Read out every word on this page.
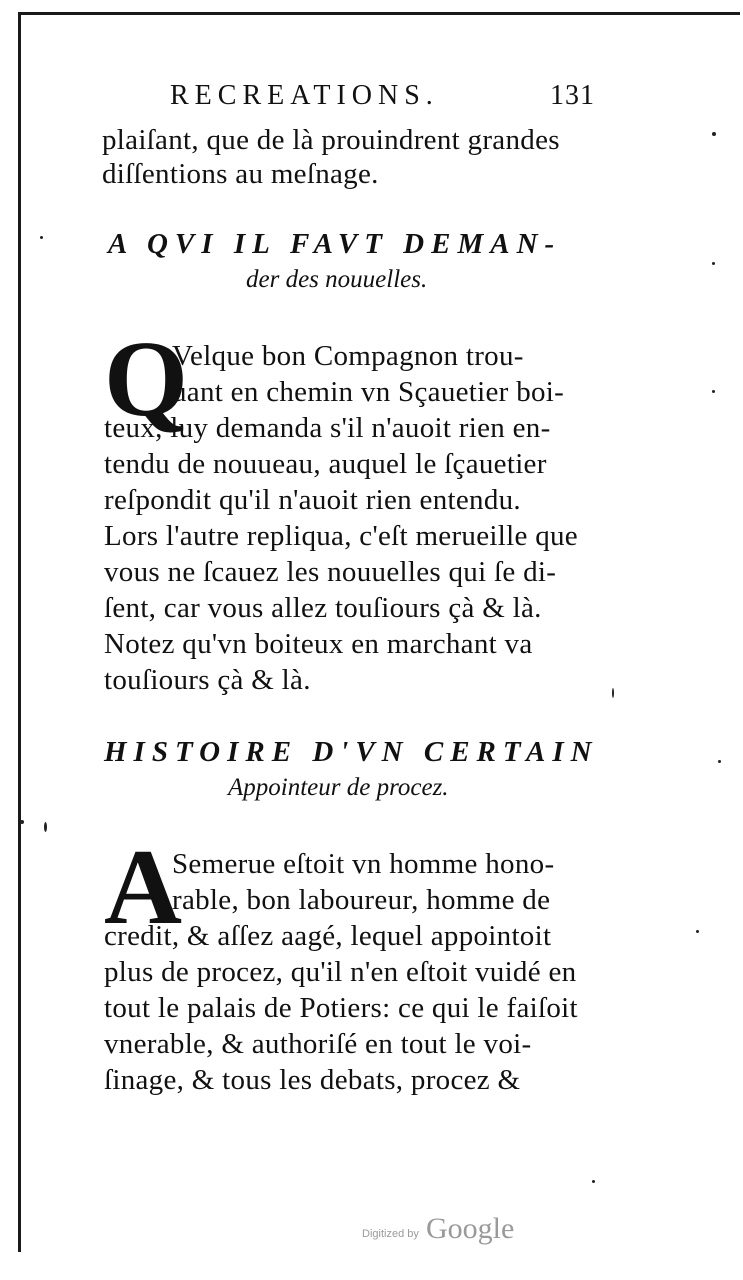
RECREATIONS.	131
plaiſant, que de là prouindrent grandes
diſſentions au meſnage.
A QVI IL FAVT DEMAN-
der des nouuelles.
Q
Velque bon Compagnon trou-
uant en chemin vn Sçauetier boi-
teux, luy demanda s'il n'auoit rien en-
tendu de nouueau, auquel le ſçauetier
reſpondit qu'il n'auoit rien entendu.
Lors l'autre repliqua, c'eſt merueille que
vous ne ſcauez les nouuelles qui ſe di-
ſent, car vous allez touſiours çà & là.
Notez qu'vn boiteux en marchant va
touſiours çà & là.
HISTOIRE D'VN CERTAIN
Appointeur de procez.
A
Semerue eſtoit vn homme hono-
rable, bon laboureur, homme de
credit, & aſſez aagé, lequel appointoit
plus de procez, qu'il n'en eſtoit vuidé en
tout le palais de Potiers: ce qui le faiſoit
vnerable, & authoriſé en tout le voi-
ſinage, & tous les debats, procez &
Digitized by Google
